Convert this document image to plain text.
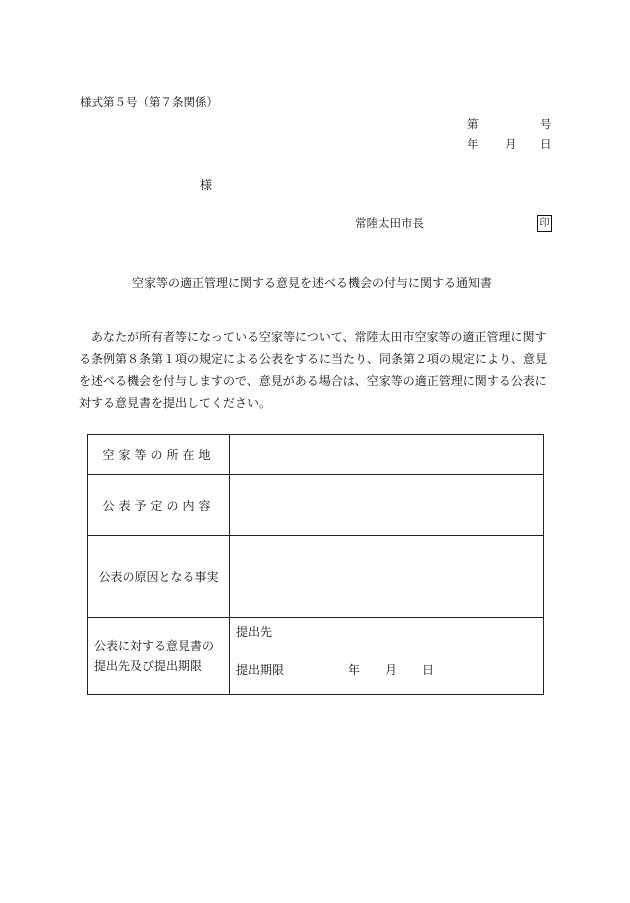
様式第５号（第７条関係）
第	号
年 月 日
様
常陸太田市長	印
空家等の適正管理に関する意見を述べる機会の付与に関する通知書
あなたが所有者等になっている空家等について、常陸太田市空家等の適正管理に関す
る条例第８条第１項の規定による公表をするに当たり、同条第２項の規定により、意見
を述べる機会を付与しますので、意見がある場合は、空家等の適正管理に関する公表に
対する意見書を提出してください。
空家等の所在地	
公表予定の内容	
公表の原因となる事実	
公表に対する意見書の
提出先及び提出期限	提出先
提出期限 年 月 日
